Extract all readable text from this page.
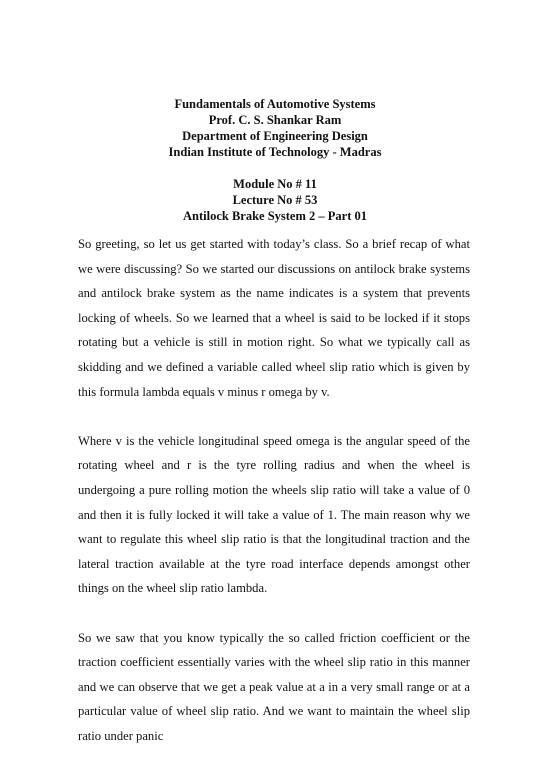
Fundamentals of Automotive Systems
Prof. C. S. Shankar Ram
Department of Engineering Design
Indian Institute of Technology - Madras
Module No # 11
Lecture No # 53
Antilock Brake System 2 – Part 01

So greeting, so let us get started with today’s class. So a brief recap of what we were discussing? So we started our discussions on antilock brake systems and antilock brake system as the name indicates is a system that prevents locking of wheels. So we learned that a wheel is said to be locked if it stops rotating but a vehicle is still in motion right. So what we typically call as skidding and we defined a variable called wheel slip ratio which is given by this formula lambda equals v minus r omega by v.

Where v is the vehicle longitudinal speed omega is the angular speed of the rotating wheel and r is the tyre rolling radius and when the wheel is undergoing a pure rolling motion the wheels slip ratio will take a value of 0 and then it is fully locked it will take a value of 1. The main reason why we want to regulate this wheel slip ratio is that the longitudinal traction and the lateral traction available at the tyre road interface depends amongst other things on the wheel slip ratio lambda.

So we saw that you know typically the so called friction coefficient or the traction coefficient essentially varies with the wheel slip ratio in this manner and we can observe that we get a peak value at a in a very small range or at a particular value of wheel slip ratio. And we want to maintain the wheel slip ratio under panic
